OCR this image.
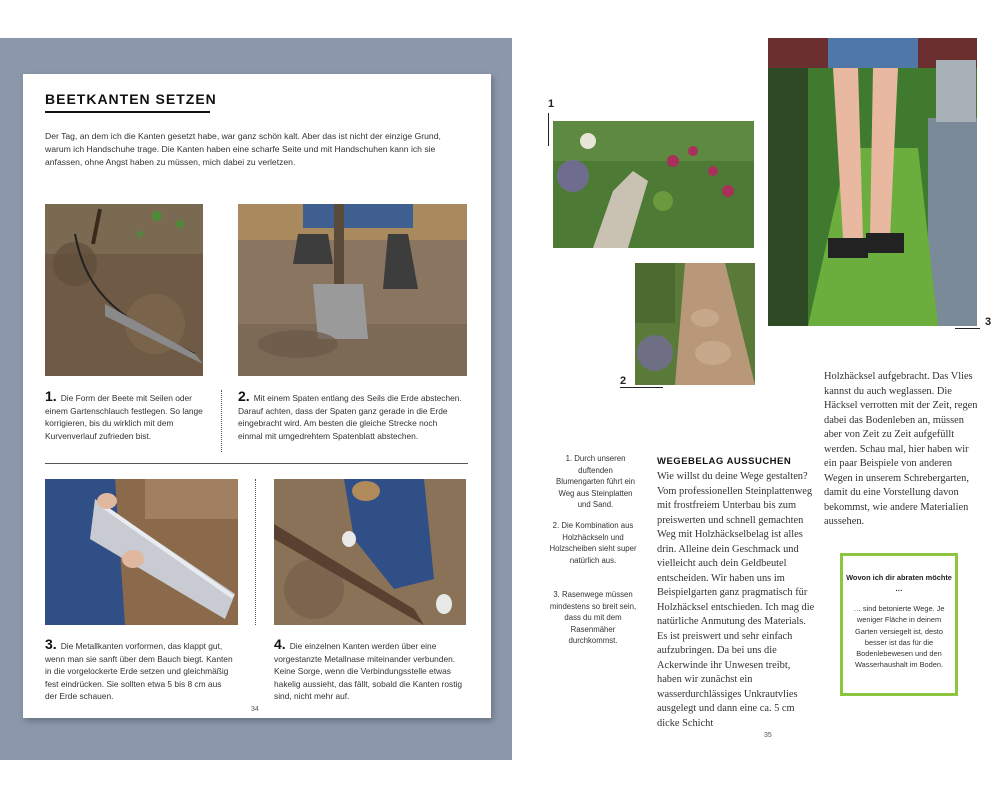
BEETKANTEN SETZEN
Der Tag, an dem ich die Kanten gesetzt habe, war ganz schön kalt. Aber das ist nicht der einzige Grund, warum ich Handschuhe trage. Die Kanten haben eine scharfe Seite und mit Handschuhen kann ich sie anfassen, ohne Angst haben zu müssen, mich dabei zu verletzen.
34
1. Die Form der Beete mit Seilen oder einem Gartenschlauch festlegen. So lange korrigieren, bis du wirklich mit dem Kurvenverlauf zufrieden bist.
2. Mit einem Spaten entlang des Seils die Erde abstechen. Darauf achten, dass der Spaten ganz gerade in die Erde eingebracht wird. Am besten die gleiche Strecke noch einmal mit umgedrehtem Spatenblatt abstechen.
3. Die Metallkanten vorformen, das klappt gut, wenn man sie sanft über dem Bauch biegt. Kanten in die vorgelockerte Erde setzen und gleichmäßig fest eindrücken. Sie sollten etwa 5 bis 8 cm aus der Erde schauen.
4. Die einzelnen Kanten werden über eine vorgestanzte Metallnase miteinander verbunden. Keine Sorge, wenn die Verbindungsstelle etwas hakelig aussieht, das fällt, sobald die Kanten rostig sind, nicht mehr auf.
1
2
3
1. Durch unseren duftenden Blumengarten führt ein Weg aus Steinplatten und Sand.
2. Die Kombination aus Holzhäckseln und Holzscheiben sieht super natürlich aus.
3. Rasenwege müssen mindestens so breit sein, dass du mit dem Rasenmäher durchkommst.
WEGEBELAG AUSSUCHEN
Wie willst du deine Wege gestalten? Vom professionellen Steinplattenweg mit frostfreiem Unterbau bis zum preiswerten und schnell gemachten Weg mit Holzhäckselbelag ist alles drin. Alleine dein Geschmack und vielleicht auch dein Geldbeutel entscheiden. Wir haben uns im Beispielgarten ganz pragmatisch für Holzhäcksel entschieden. Ich mag die natürliche Anmutung des Materials. Es ist preiswert und sehr einfach aufzubringen. Da bei uns die Ackerwinde ihr Unwesen treibt, haben wir zunächst ein wasserdurchlässiges Unkrautvlies ausgelegt und dann eine ca. 5 cm dicke Schicht
Holzhäcksel aufgebracht. Das Vlies kannst du auch weglassen. Die Häcksel verrotten mit der Zeit, regen dabei das Bodenleben an, müssen aber von Zeit zu Zeit aufgefüllt werden. Schau mal, hier haben wir ein paar Beispiele von anderen Wegen in unserem Schrebergarten, damit du eine Vorstellung davon bekommst, wie andere Materialien aussehen.
Wovon ich dir abraten möchte …
… sind betonierte Wege. Je weniger Fläche in deinem Garten versiegelt ist, desto besser ist das für die Bodenlebewesen und den Wasserhaushalt im Boden.
35
